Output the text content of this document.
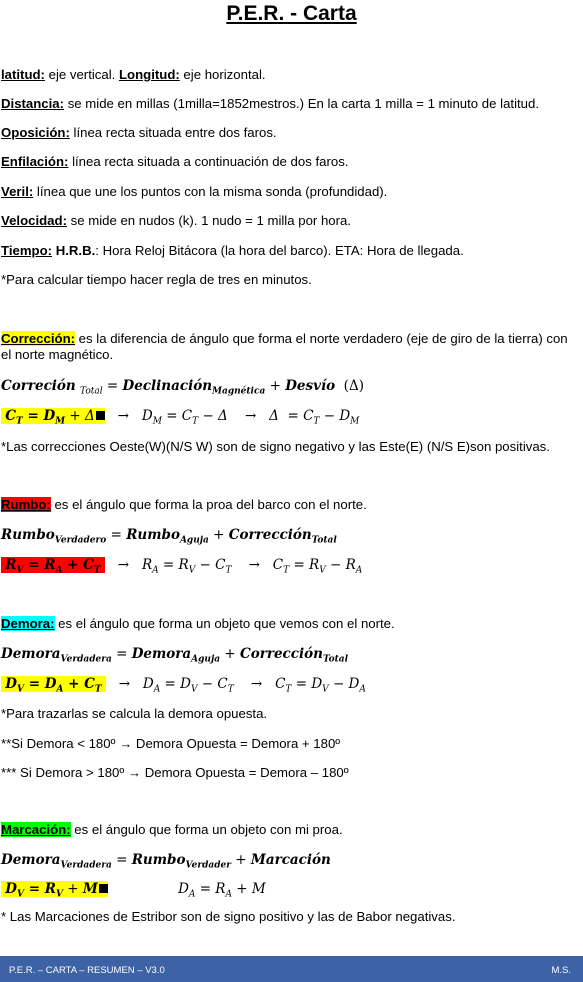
P.E.R. - Carta
latitud: eje vertical. Longitud: eje horizontal.
Distancia: se mide en millas (1milla=1852mestros.) En la carta 1 milla = 1 minuto de latitud.
Oposición: línea recta situada entre dos faros.
Enfilación: línea recta situada a continuación de dos faros.
Veril: línea que une los puntos con la misma sonda (profundidad).
Velocidad: se mide en nudos (k). 1 nudo = 1 milla por hora.
Tiempo: H.R.B.: Hora Reloj Bitácora (la hora del barco). ETA: Hora de llegada.
*Para calcular tiempo hacer regla de tres en minutos.
Corrección: es la diferencia de ángulo que forma el norte verdadero (eje de giro de la tierra) con el norte magnético.
Correción $_{Total}$ = Declinación$_{Magnética}$ + Desvío (Δ)
$C_T = D_M + \Delta \to D_M = C_T - \Delta$    →   $\Delta = C_T - D_M$
*Las correcciones Oeste(W)(N/S W) son de signo negativo y las Este(E) (N/S E)son positivas.
Rumbo: es el ángulo que forma la proa del barco con el norte.
Rumbo$_{Verdadero}$ = Rumbo$_{Aguja}$ + Corrección$_{Total}$
$R_V = R_A + C_T \to R_A = R_V - C_T \to C_T = R_V - R_A$
Demora: es el ángulo que forma un objeto que vemos con el norte.
Demora$_{Verdadera}$ = Demora$_{Aguja}$ + Corrección$_{Total}$
$D_V = D_A + C_T \to D_A = D_V - C_T \to C_T = D_V - D_A$
*Para trazarlas se calcula la demora opuesta.
**Si Demora < 180º → Demora Opuesta = Demora + 180º
*** Si Demora > 180º → Demora Opuesta = Demora – 180º
Marcación: es el ángulo que forma un objeto con mi proa.
Demora$_{Verdadera}$ = Rumbo$_{Verdader}$ + Marcación
$D_V = R_V + M$	$D_A = R_A + M$
* Las Marcaciones de Estribor son de signo positivo y las de Babor negativas.
P.E.R. – CARTA – RESUMEN – V3.0	M.S.
